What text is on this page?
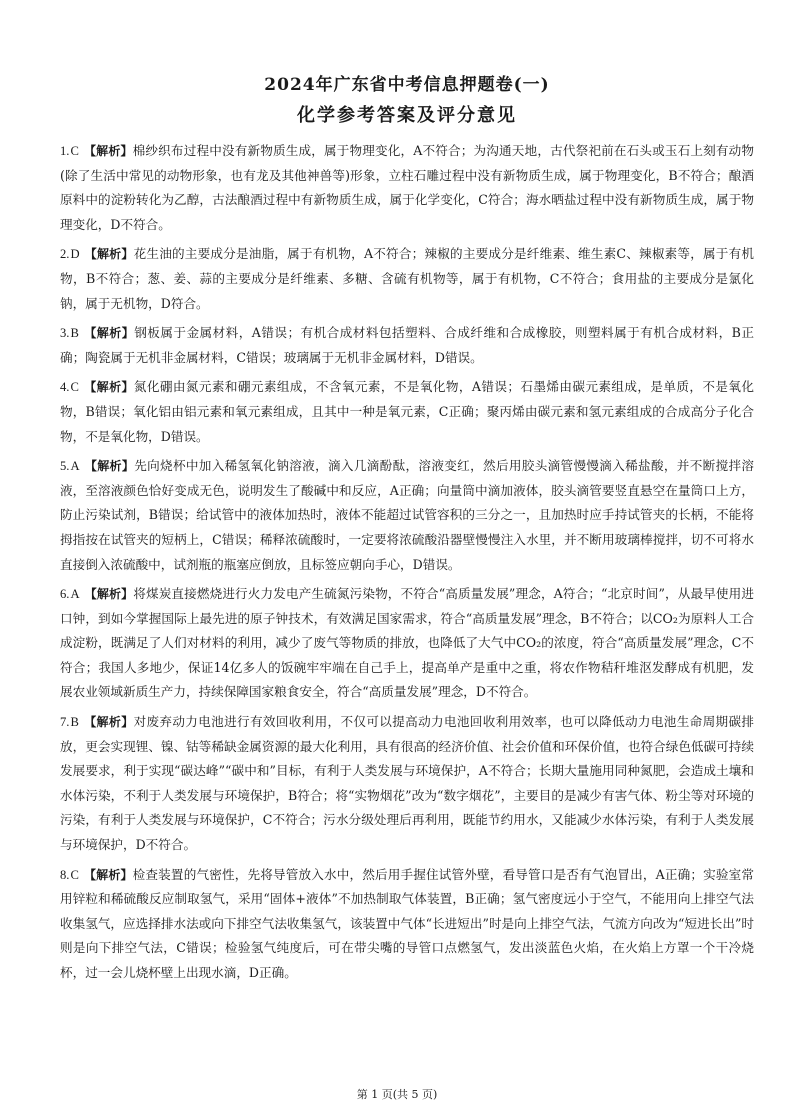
2024年广东省中考信息押题卷(一)
化学参考答案及评分意见
1.C 【解析】棉纱织布过程中没有新物质生成，属于物理变化，A不符合；为沟通天地，古代祭祀前在石头或玉石上刻有动物(除了生活中常见的动物形象，也有龙及其他神兽等)形象，立柱石雕过程中没有新物质生成，属于物理变化，B不符合；酿酒原料中的淀粉转化为乙醇，古法酿酒过程中有新物质生成，属于化学变化，C符合；海水晒盐过程中没有新物质生成，属于物理变化，D不符合。
2.D 【解析】花生油的主要成分是油脂，属于有机物，A不符合；辣椒的主要成分是纤维素、维生素C、辣椒素等，属于有机物，B不符合；葱、姜、蒜的主要成分是纤维素、多糖、含硫有机物等，属于有机物，C不符合；食用盐的主要成分是氯化钠，属于无机物，D符合。
3.B 【解析】钢板属于金属材料，A错误；有机合成材料包括塑料、合成纤维和合成橡胶，则塑料属于有机合成材料，B正确；陶瓷属于无机非金属材料，C错误；玻璃属于无机非金属材料，D错误。
4.C 【解析】氮化硼由氮元素和硼元素组成，不含氧元素，不是氧化物，A错误；石墨烯由碳元素组成，是单质，不是氧化物，B错误；氧化铝由铝元素和氧元素组成，且其中一种是氧元素，C正确；聚丙烯由碳元素和氢元素组成的合成高分子化合物，不是氧化物，D错误。
5.A 【解析】先向烧杯中加入稀氢氧化钠溶液，滴入几滴酚酞，溶液变红，然后用胶头滴管慢慢滴入稀盐酸，并不断搅拌溶液，至溶液颜色恰好变成无色，说明发生了酸碱中和反应，A正确；向量筒中滴加液体，胶头滴管要竖直悬空在量筒口上方，防止污染试剂，B错误；给试管中的液体加热时，液体不能超过试管容积的三分之一，且加热时应手持试管夹的长柄，不能将拇指按在试管夹的短柄上，C错误；稀释浓硫酸时，一定要将浓硫酸沿器壁慢慢注入水里，并不断用玻璃棒搅拌，切不可将水直接倒入浓硫酸中，试剂瓶的瓶塞应倒放，且标签应朝向手心，D错误。
6.A 【解析】将煤炭直接燃烧进行火力发电产生硫氮污染物，不符合“高质量发展”理念，A符合；“北京时间”，从最早使用进口钟，到如今掌握国际上最先进的原子钟技术，有效满足国家需求，符合“高质量发展”理念，B不符合；以CO₂为原料人工合成淀粉，既满足了人们对材料的利用，减少了废气等物质的排放，也降低了大气中CO₂的浓度，符合“高质量发展”理念，C不符合；我国人多地少，保证14亿多人的饭碗牢牢端在自己手上，提高单产是重中之重，将农作物秸秆堆沤发酵成有机肥，发展农业领域新质生产力，持续保障国家粮食安全，符合“高质量发展”理念，D不符合。
7.B 【解析】对废弃动力电池进行有效回收利用，不仅可以提高动力电池回收利用效率，也可以降低动力电池生命周期碳排放，更会实现锂、镍、钴等稀缺金属资源的最大化利用，具有很高的经济价值、社会价值和环保价值，也符合绿色低碳可持续发展要求，利于实现“碳达峰”“碳中和”目标，有利于人类发展与环境保护，A不符合；长期大量施用同种氮肥，会造成土壤和水体污染，不利于人类发展与环境保护，B符合；将“实物烟花”改为“数字烟花”，主要目的是减少有害气体、粉尘等对环境的污染，有利于人类发展与环境保护，C不符合；污水分级处理后再利用，既能节约用水，又能减少水体污染，有利于人类发展与环境保护，D不符合。
8.C 【解析】检查装置的气密性，先将导管放入水中，然后用手握住试管外壁，看导管口是否有气泡冒出，A正确；实验室常用锌粒和稀硫酸反应制取氢气，采用“固体+液体”不加热制取气体装置，B正确；氢气密度远小于空气，不能用向上排空气法收集氢气，应选择排水法或向下排空气法收集氢气，该装置中气体“长进短出”时是向上排空气法，气流方向改为“短进长出”时则是向下排空气法，C错误；检验氢气纯度后，可在带尖嘴的导管口点燃氢气，发出淡蓝色火焰，在火焰上方罩一个干冷烧杯，过一会儿烧杯壁上出现水滴，D正确。
第 1 页(共 5 页)
